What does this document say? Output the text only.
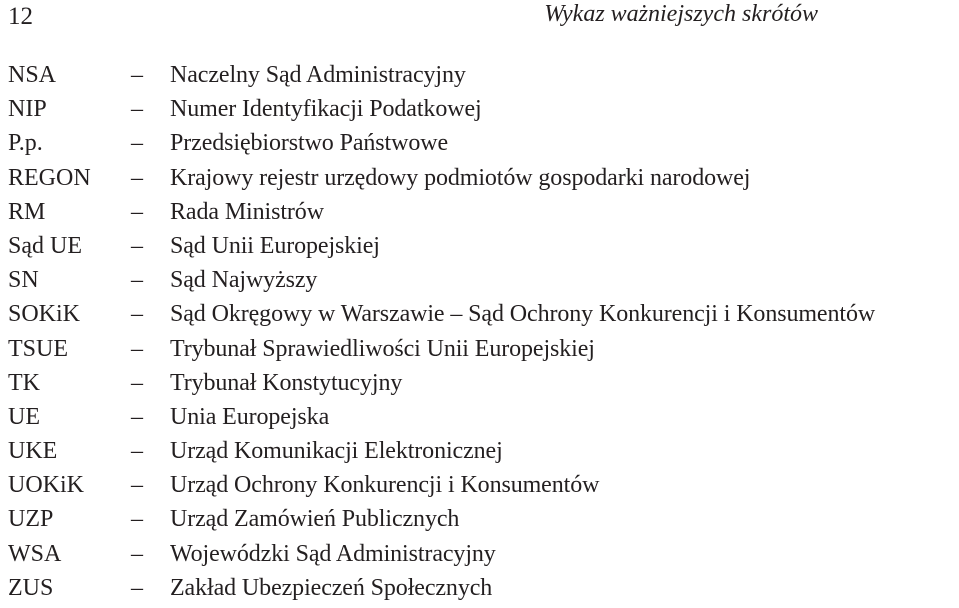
12	Wykaz ważniejszych skrótów
NSA	– Naczelny Sąd Administracyjny
NIP	– Numer Identyfikacji Podatkowej
P.p.	– Przedsiębiorstwo Państwowe
REGON – Krajowy rejestr urzędowy podmiotów gospodarki narodowej
RM	– Rada Ministrów
Sąd UE – Sąd Unii Europejskiej
SN	– Sąd Najwyższy
SOKiK – Sąd Okręgowy w Warszawie – Sąd Ochrony Konkurencji i Konsumentów
TSUE	– Trybunał Sprawiedliwości Unii Europejskiej
TK	– Trybunał Konstytucyjny
UE	– Unia Europejska
UKE	– Urząd Komunikacji Elektronicznej
UOKiK – Urząd Ochrony Konkurencji i Konsumentów
UZP	– Urząd Zamówień Publicznych
WSA	– Wojewódzki Sąd Administracyjny
ZUS	– Zakład Ubezpieczeń Społecznych
